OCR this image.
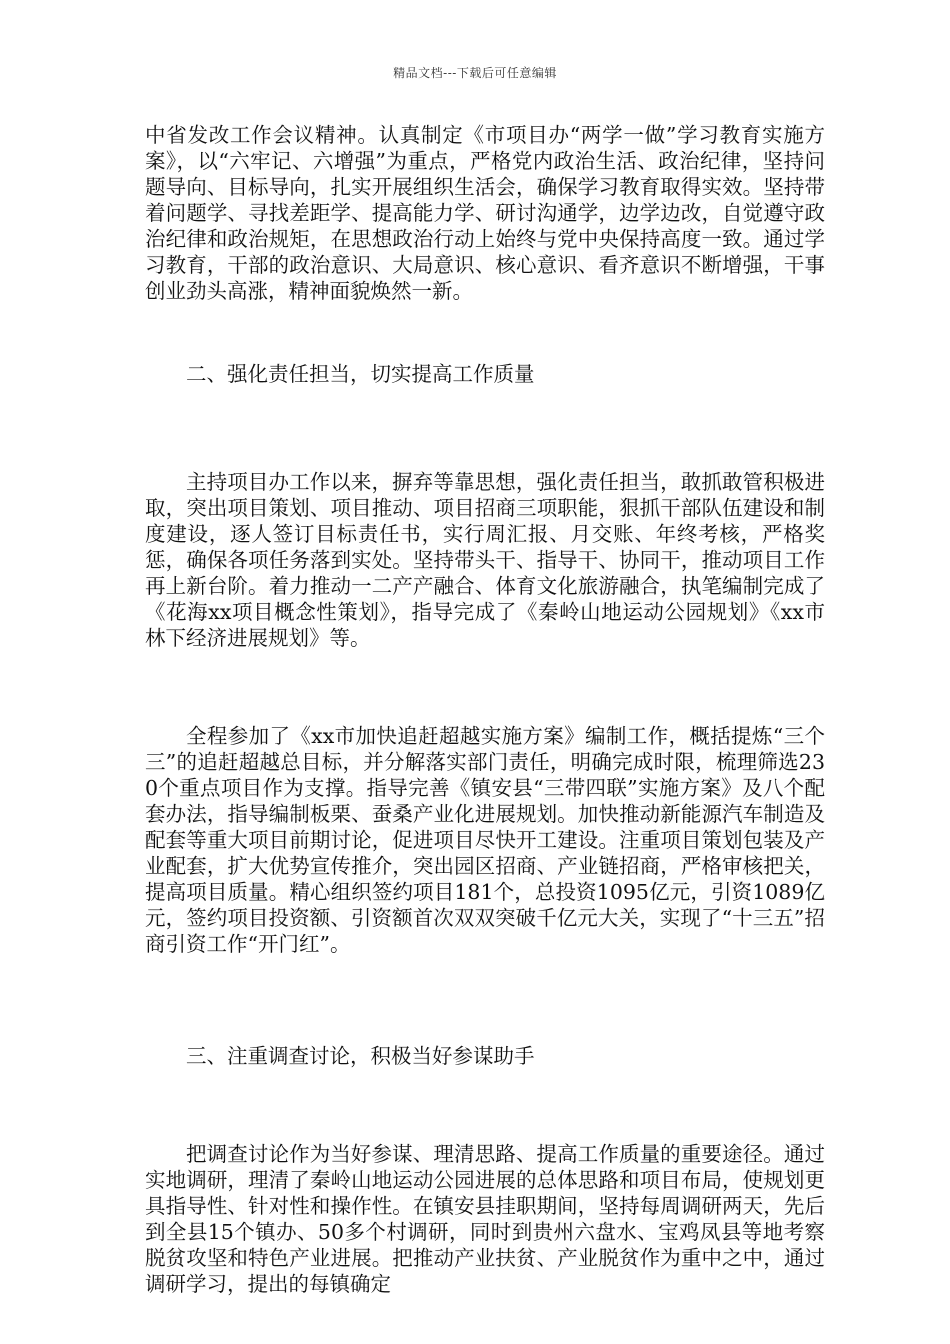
精品文档---下载后可任意编辑

中省发改工作会议精神。认真制定《市项目办“两学一做”学习教育实施方案》，以“六牢记、六增强”为重点，严格党内政治生活、政治纪律，坚持问题导向、目标导向，扎实开展组织生活会，确保学习教育取得实效。坚持带着问题学、寻找差距学、提高能力学、研讨沟通学，边学边改，自觉遵守政治纪律和政治规矩，在思想政治行动上始终与党中央保持高度一致。通过学习教育，干部的政治意识、大局意识、核心意识、看齐意识不断增强，干事创业劲头高涨，精神面貌焕然一新。

二、强化责任担当，切实提高工作质量

主持项目办工作以来，摒弃等靠思想，强化责任担当，敢抓敢管积极进取，突出项目策划、项目推动、项目招商三项职能，狠抓干部队伍建设和制度建设，逐人签订目标责任书，实行周汇报、月交账、年终考核，严格奖惩，确保各项任务落到实处。坚持带头干、指导干、协同干，推动项目工作再上新台阶。着力推动一二产产融合、体育文化旅游融合，执笔编制完成了《花海xx项目概念性策划》，指导完成了《秦岭山地运动公园规划》《xx市林下经济进展规划》等。

全程参加了《xx市加快追赶超越实施方案》编制工作，概括提炼“三个三”的追赶超越总目标，并分解落实部门责任，明确完成时限，梳理筛选230个重点项目作为支撑。指导完善《镇安县“三带四联”实施方案》及八个配套办法，指导编制板栗、蚕桑产业化进展规划。加快推动新能源汽车制造及配套等重大项目前期讨论，促进项目尽快开工建设。注重项目策划包装及产业配套，扩大优势宣传推介，突出园区招商、产业链招商，严格审核把关，提高项目质量。精心组织签约项目181个，总投资1095亿元，引资1089亿元，签约项目投资额、引资额首次双双突破千亿元大关，实现了“十三五”招商引资工作“开门红”。

三、注重调查讨论，积极当好参谋助手

把调查讨论作为当好参谋、理清思路、提高工作质量的重要途径。通过实地调研，理清了秦岭山地运动公园进展的总体思路和项目布局，使规划更具指导性、针对性和操作性。在镇安县挂职期间，坚持每周调研两天，先后到全县15个镇办、50多个村调研，同时到贵州六盘水、宝鸡凤县等地考察脱贫攻坚和特色产业进展。把推动产业扶贫、产业脱贫作为重中之中，通过调研学习，提出的每镇确定
